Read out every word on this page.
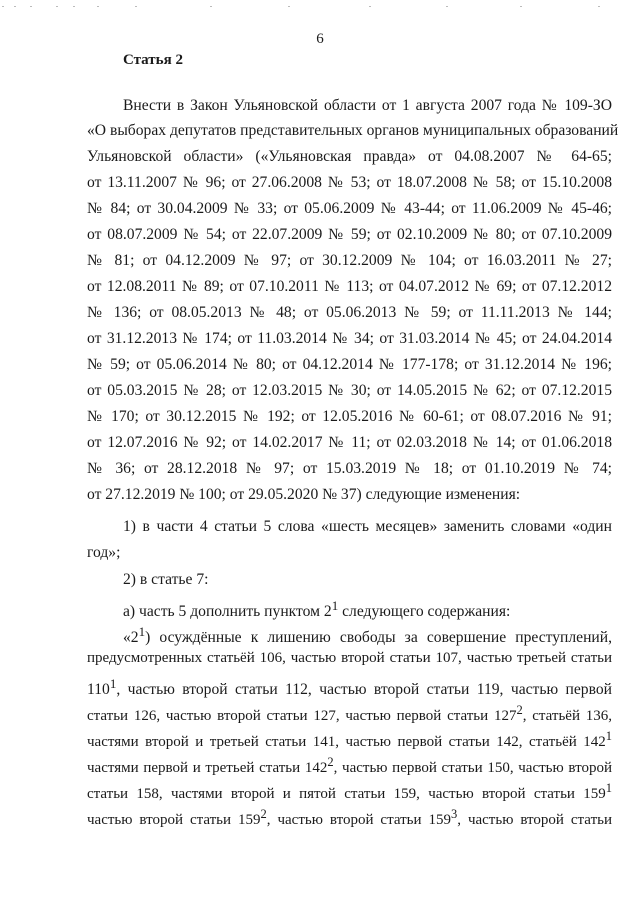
6
Статья 2
Внести в Закон Ульяновской области от 1 августа 2007 года № 109-ЗО
«О выборах депутатов представительных органов муниципальных образований
Ульяновской области» («Ульяновская правда» от 04.08.2007 № 64-65;
от 13.11.2007 № 96; от 27.06.2008 № 53; от 18.07.2008 № 58; от 15.10.2008
№ 84; от 30.04.2009 № 33; от 05.06.2009 № 43-44; от 11.06.2009 № 45-46;
от 08.07.2009 № 54; от 22.07.2009 № 59; от 02.10.2009 № 80; от 07.10.2009
№ 81; от 04.12.2009 № 97; от 30.12.2009 № 104; от 16.03.2011 № 27;
от 12.08.2011 № 89; от 07.10.2011 № 113; от 04.07.2012 № 69; от 07.12.2012
№ 136; от 08.05.2013 № 48; от 05.06.2013 № 59; от 11.11.2013 № 144;
от 31.12.2013 № 174; от 11.03.2014 № 34; от 31.03.2014 № 45; от 24.04.2014
№ 59; от 05.06.2014 № 80; от 04.12.2014 № 177-178; от 31.12.2014 № 196;
от 05.03.2015 № 28; от 12.03.2015 № 30; от 14.05.2015 № 62; от 07.12.2015
№ 170; от 30.12.2015 № 192; от 12.05.2016 № 60-61; от 08.07.2016 № 91;
от 12.07.2016 № 92; от 14.02.2017 № 11; от 02.03.2018 № 14; от 01.06.2018
№ 36; от 28.12.2018 № 97; от 15.03.2019 № 18; от 01.10.2019 № 74;
от 27.12.2019 № 100; от 29.05.2020 № 37) следующие изменения:
1) в части 4 статьи 5 слова «шесть месяцев» заменить словами «один
год»;
2) в статье 7:
а) часть 5 дополнить пунктом $2^1$ следующего содержания:
«$2^1$) осуждённые к лишению свободы за совершение преступлений,
предусмотренных статьёй 106, частью второй статьи 107, частью третьей статьи
$110^1$, частью второй статьи 112, частью второй статьи 119, частью первой
статьи 126, частью второй статьи 127, частью первой статьи $127^2$, статьёй 136,
частями второй и третьей статьи 141, частью первой статьи 142, статьёй $142^1$
частями первой и третьей статьи $142^2$, частью первой статьи 150, частью второй
статьи 158, частями второй и пятой статьи 159, частью второй статьи $159^1$
частью второй статьи $159^2$, частью второй статьи $159^3$, частью второй статьи
